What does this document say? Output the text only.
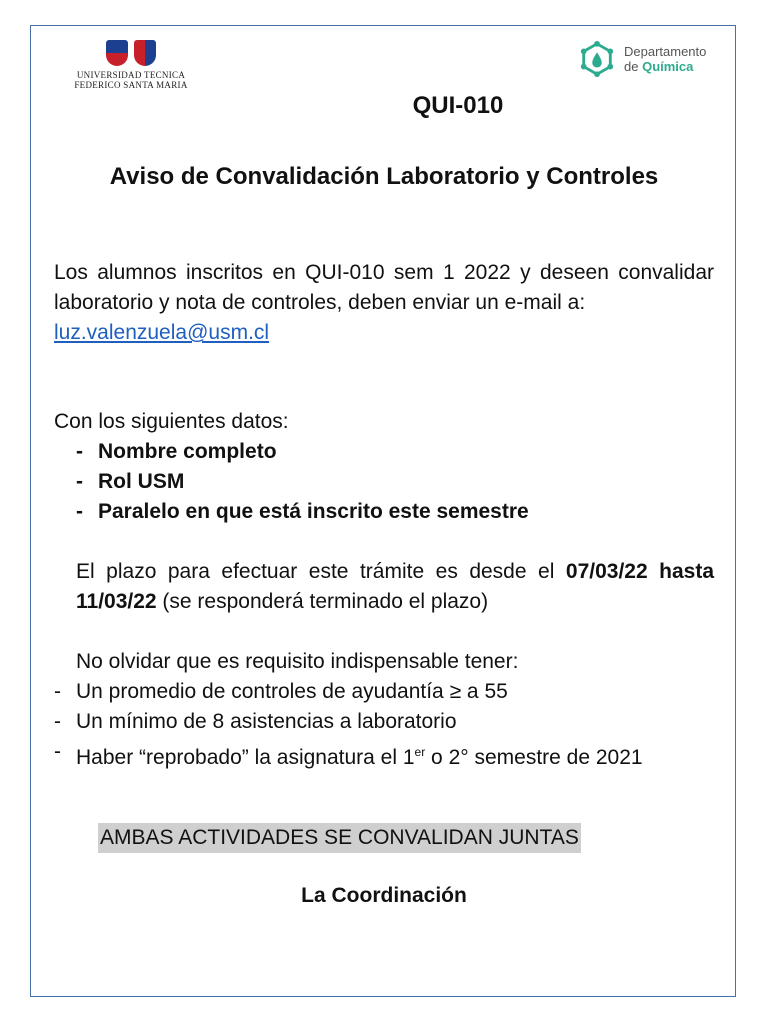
UNIVERSIDAD TECNICA FEDERICO SANTA MARIA
Departamento
de Química
QUI-010
Aviso de Convalidación Laboratorio y Controles
Los alumnos inscritos en QUI-010 sem 1 2022 y deseen convalidar laboratorio y nota de controles, deben enviar un e-mail a:
luz.valenzuela@usm.cl
Con los siguientes datos:
- Nombre completo
- Rol USM
- Paralelo en que está inscrito este semestre
El plazo para efectuar este trámite es desde el 07/03/22 hasta 11/03/22 (se responderá terminado el plazo)
No olvidar que es requisito indispensable tener:
- Un promedio de controles de ayudantía ≥ a 55
- Un mínimo de 8 asistencias a laboratorio
- Haber “reprobado” la asignatura el 1er o 2° semestre de 2021
AMBAS ACTIVIDADES SE CONVALIDAN JUNTAS
La Coordinación
